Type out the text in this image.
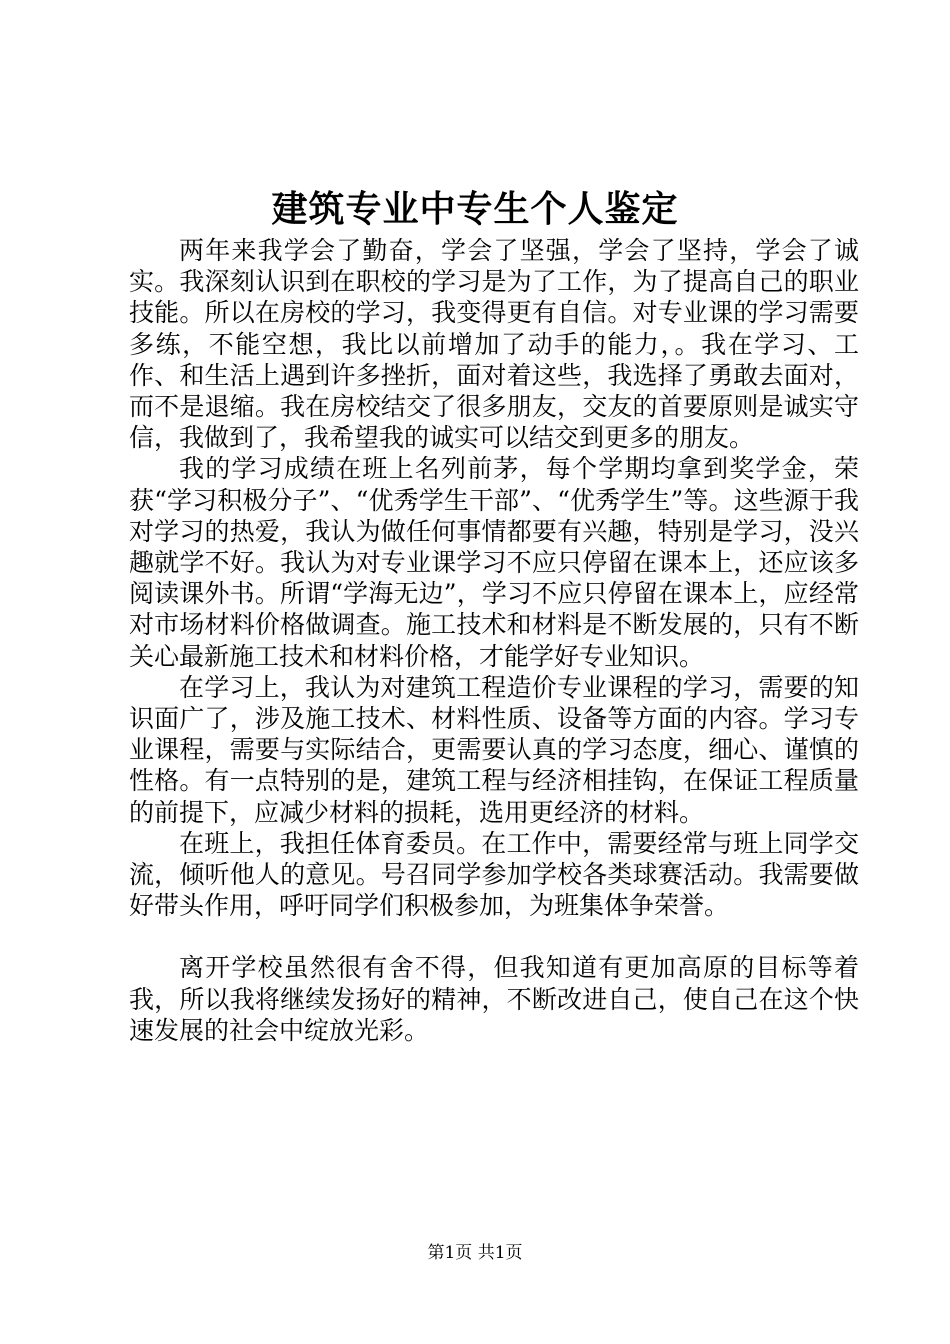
建筑专业中专生个人鉴定

两年来我学会了勤奋，学会了坚强，学会了坚持，学会了诚实。我深刻认识到在职校的学习是为了工作，为了提高自己的职业技能。所以在房校的学习，我变得更有自信。对专业课的学习需要多练，不能空想，我比以前增加了动手的能力，。我在学习、工作、和生活上遇到许多挫折，面对着这些，我选择了勇敢去面对，而不是退缩。我在房校结交了很多朋友，交友的首要原则是诚实守信，我做到了，我希望我的诚实可以结交到更多的朋友。

我的学习成绩在班上名列前茅，每个学期均拿到奖学金，荣获“学习积极分子”、“优秀学生干部”、“优秀学生”等。这些源于我对学习的热爱，我认为做任何事情都要有兴趣，特别是学习，没兴趣就学不好。我认为对专业课学习不应只停留在课本上，还应该多阅读课外书。所谓“学海无边”，学习不应只停留在课本上，应经常对市场材料价格做调查。施工技术和材料是不断发展的，只有不断关心最新施工技术和材料价格，才能学好专业知识。

在学习上，我认为对建筑工程造价专业课程的学习，需要的知识面广了，涉及施工技术、材料性质、设备等方面的内容。学习专业课程，需要与实际结合，更需要认真的学习态度，细心、谨慎的性格。有一点特别的是，建筑工程与经济相挂钩，在保证工程质量的前提下，应减少材料的损耗，选用更经济的材料。

在班上，我担任体育委员。在工作中，需要经常与班上同学交流，倾听他人的意见。号召同学参加学校各类球赛活动。我需要做好带头作用，呼吁同学们积极参加，为班集体争荣誉。

离开学校虽然很有舍不得，但我知道有更加高原的目标等着我，所以我将继续发扬好的精神，不断改进自己，使自己在这个快速发展的社会中绽放光彩。

第1页 共1页
